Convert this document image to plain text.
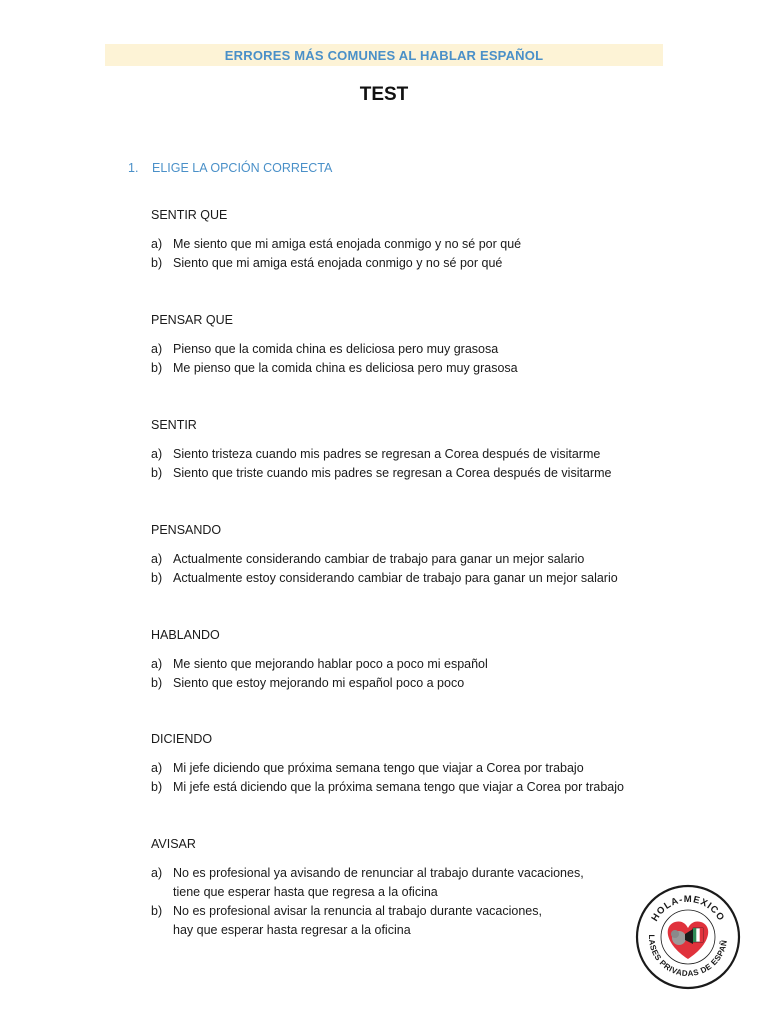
ERRORES MÁS COMUNES AL HABLAR ESPAÑOL
TEST
1.	ELIGE LA OPCIÓN CORRECTA
SENTIR QUE
a) Me siento que mi amiga está enojada conmigo y no sé por qué
b) Siento que mi amiga está enojada conmigo y no sé por qué
PENSAR QUE
a) Pienso que la comida china es deliciosa pero muy grasosa
b) Me pienso que la comida china es deliciosa pero muy grasosa
SENTIR
a) Siento tristeza cuando mis padres se regresan a Corea después de visitarme
b) Siento que triste cuando mis padres se regresan a Corea después de visitarme
PENSANDO
a) Actualmente considerando cambiar de trabajo para ganar un mejor salario
b) Actualmente estoy considerando cambiar de trabajo para ganar un mejor salario
HABLANDO
a) Me siento que mejorando hablar poco a poco mi español
b) Siento que estoy mejorando mi español poco a poco
DICIENDO
a) Mi jefe diciendo que próxima semana tengo que viajar a Corea por trabajo
b) Mi jefe está diciendo que la próxima semana tengo que viajar a Corea por trabajo
AVISAR
a) No es profesional ya avisando de renunciar al trabajo durante vacaciones,
tiene que esperar hasta que regresa a la oficina
b) No es profesional avisar la renuncia al trabajo durante vacaciones,
hay que esperar hasta regresar a la oficina
HOLA-MEXICO
LASES PRIVADAS DE ESPAÑ
